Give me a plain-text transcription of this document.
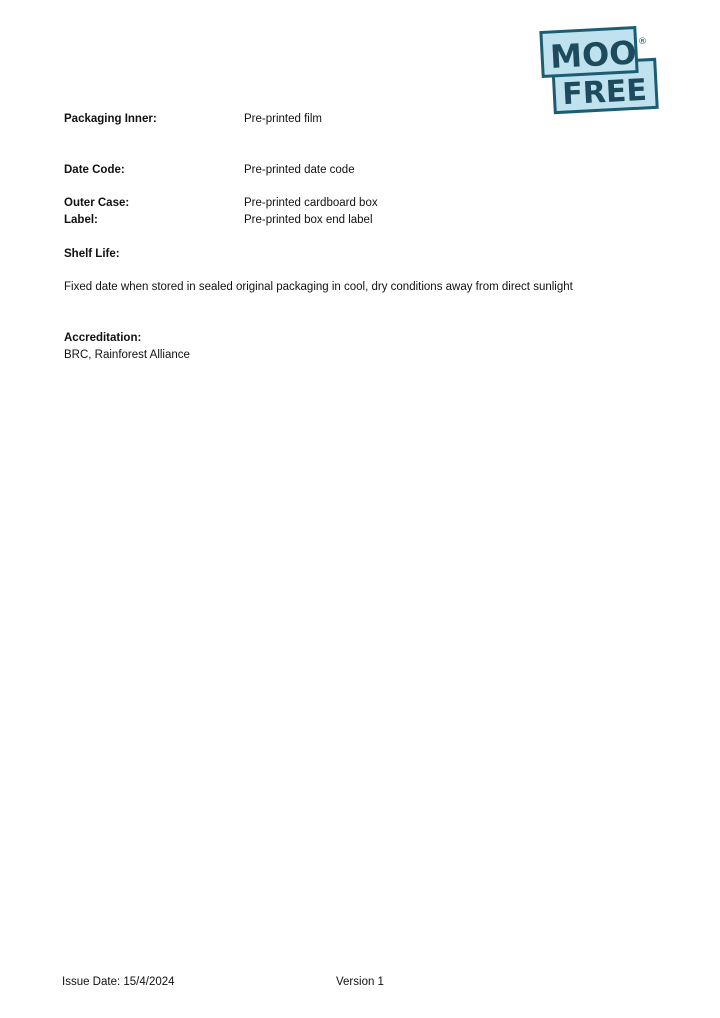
MOO
FREE
®
Packaging Inner:	Pre-printed film
Date Code:	Pre-printed date code
Outer Case:	Pre-printed cardboard box
Label:	Pre-printed box end label
Shelf Life:
Fixed date when stored in sealed original packaging in cool, dry conditions away from direct sunlight
Accreditation:
BRC, Rainforest Alliance
Issue Date: 15/4/2024	Version 1
